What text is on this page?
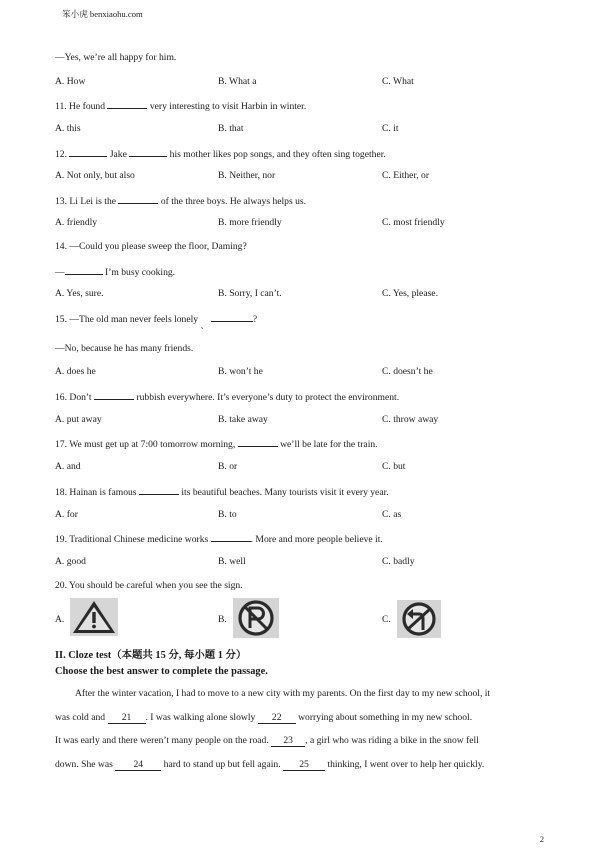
笨小虎 benxiaohu.com
—Yes, we’re all happy for him.
A. How	B. What a	C. What
11. He found	very interesting to visit Harbin in winter.
A. this	B. that	C. it
12.	Jake	his mother likes pop songs, and they often sing together.
A. Not only, but also	B. Neither, nor	C. Either, or
13. Li Lei is the	of the three boys. He always helps us.
A. friendly	B. more friendly	C. most friendly
14. —Could you please sweep the floor, Daming?
—	I’m busy cooking.
A. Yes, sure.	B. Sorry, I can’t.	C. Yes, please.
15. —The old man never feels lonely $_、$ ?
—No, because he has many friends.
A. does he	B. won’t he	C. doesn’t he
16. Don’t	rubbish everywhere. It’s everyone’s duty to protect the environment.
A. put away	B. take away	C. throw away
17. We must get up at 7:00 tomorrow morning,	we’ll be late for the train.
A. and	B. or	C. but
18. Hainan is famous	its beautiful beaches. Many tourists visit it every year.
A. for	B. to	C. as
19. Traditional Chinese medicine works	. More and more people believe it.
A. good	B. well	C. badly
20. You should be careful when you see the sign.
A.	B.	C.
II. Cloze test（本题共 15 分, 每小题 1 分）
Choose the best answer to complete the passage.
After the winter vacation, I had to move to a new city with my parents. On the first day to my new school, it
was cold and 21 . I was walking alone slowly 22 worrying about something in my new school.
It was early and there weren’t many people on the road. 23 , a girl who was riding a bike in the snow fell
down. She was 24 hard to stand up but fell again. 25 thinking, I went over to help her quickly.
2
